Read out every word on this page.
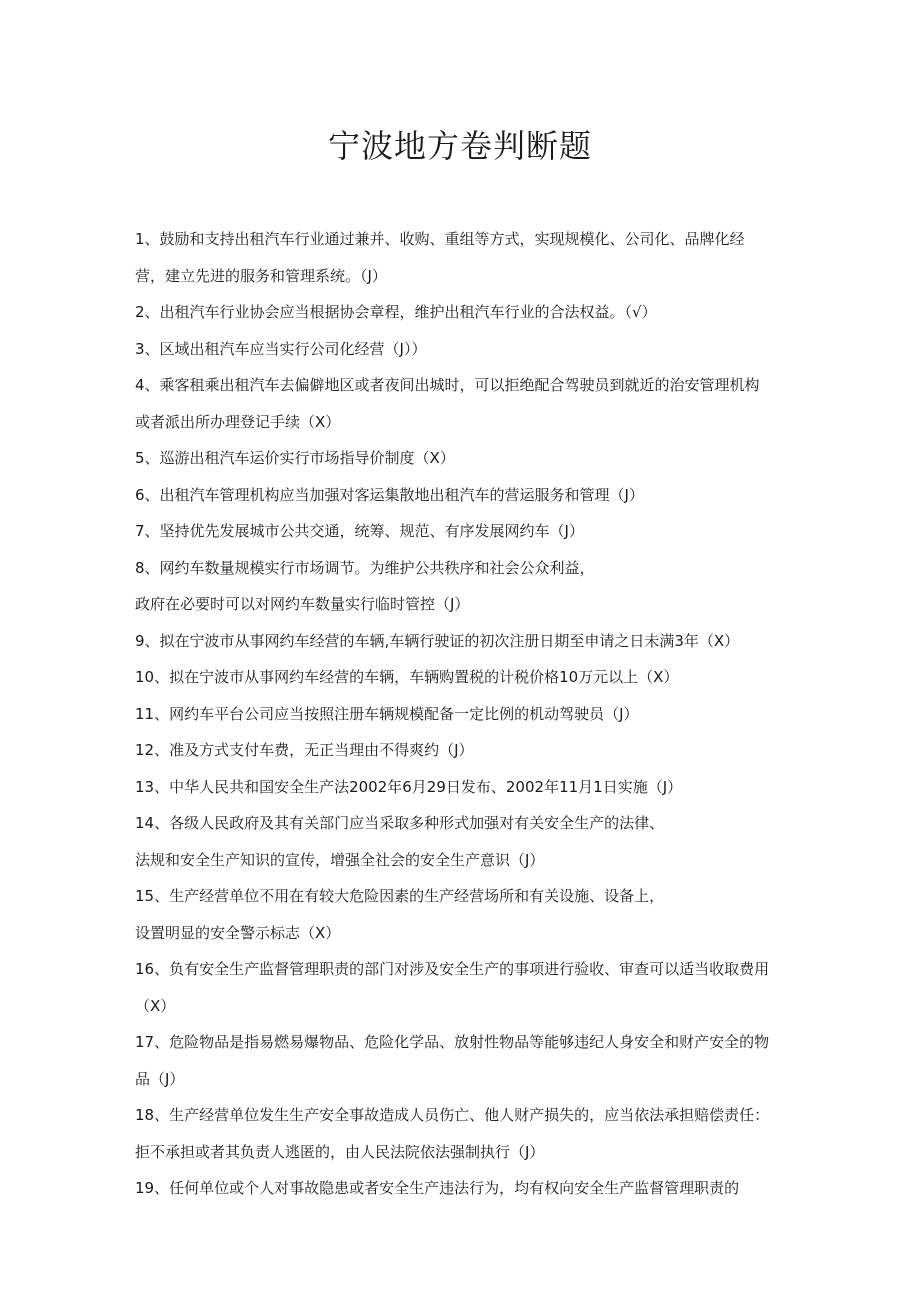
宁波地方卷判断题
1、鼓励和支持出租汽车行业通过兼并、收购、重组等方式，实现规模化、公司化、品牌化经
营，建立先进的服务和管理系统。（J）
2、出租汽车行业协会应当根据协会章程，维护出租汽车行业的合法权益。（√）
3、区域出租汽车应当实行公司化经营（J））
4、乘客租乘出租汽车去偏僻地区或者夜间出城时，可以拒绝配合驾驶员到就近的治安管理机构
或者派出所办理登记手续（X）
5、巡游出租汽车运价实行市场指导价制度（X）
6、出租汽车管理机构应当加强对客运集散地出租汽车的营运服务和管理（J）
7、坚持优先发展城市公共交通，统筹、规范、有序发展网约车（J）
8、网约车数量规模实行市场调节。为维护公共秩序和社会公众利益，
政府在必要时可以对网约车数量实行临时管控（J）
9、拟在宁波市从事网约车经营的车辆,车辆行驶证的初次注册日期至申请之日未满3年（X）
10、拟在宁波市从事网约车经营的车辆，车辆购置税的计税价格10万元以上（X）
11、网约车平台公司应当按照注册车辆规模配备一定比例的机动驾驶员（J）
12、准及方式支付车费，无正当理由不得爽约（J）
13、中华人民共和国安全生产法2002年6月29日发布、2002年11月1日实施（J）
14、各级人民政府及其有关部门应当采取多种形式加强对有关安全生产的法律、
法规和安全生产知识的宣传，增强全社会的安全生产意识（J）
15、生产经营单位不用在有较大危险因素的生产经营场所和有关设施、设备上，
设置明显的安全警示标志（X）
16、负有安全生产监督管理职责的部门对涉及安全生产的事项进行验收、审查可以适当收取费用
（X）
17、危险物品是指易燃易爆物品、危险化学品、放射性物品等能够违纪人身安全和财产安全的物
品（J）
18、生产经营单位发生生产安全事故造成人员伤亡、他人财产损失的，应当依法承担赔偿责任：
拒不承担或者其负责人逃匿的，由人民法院依法强制执行（J）
19、任何单位或个人对事故隐患或者安全生产违法行为，均有权向安全生产监督管理职责的
